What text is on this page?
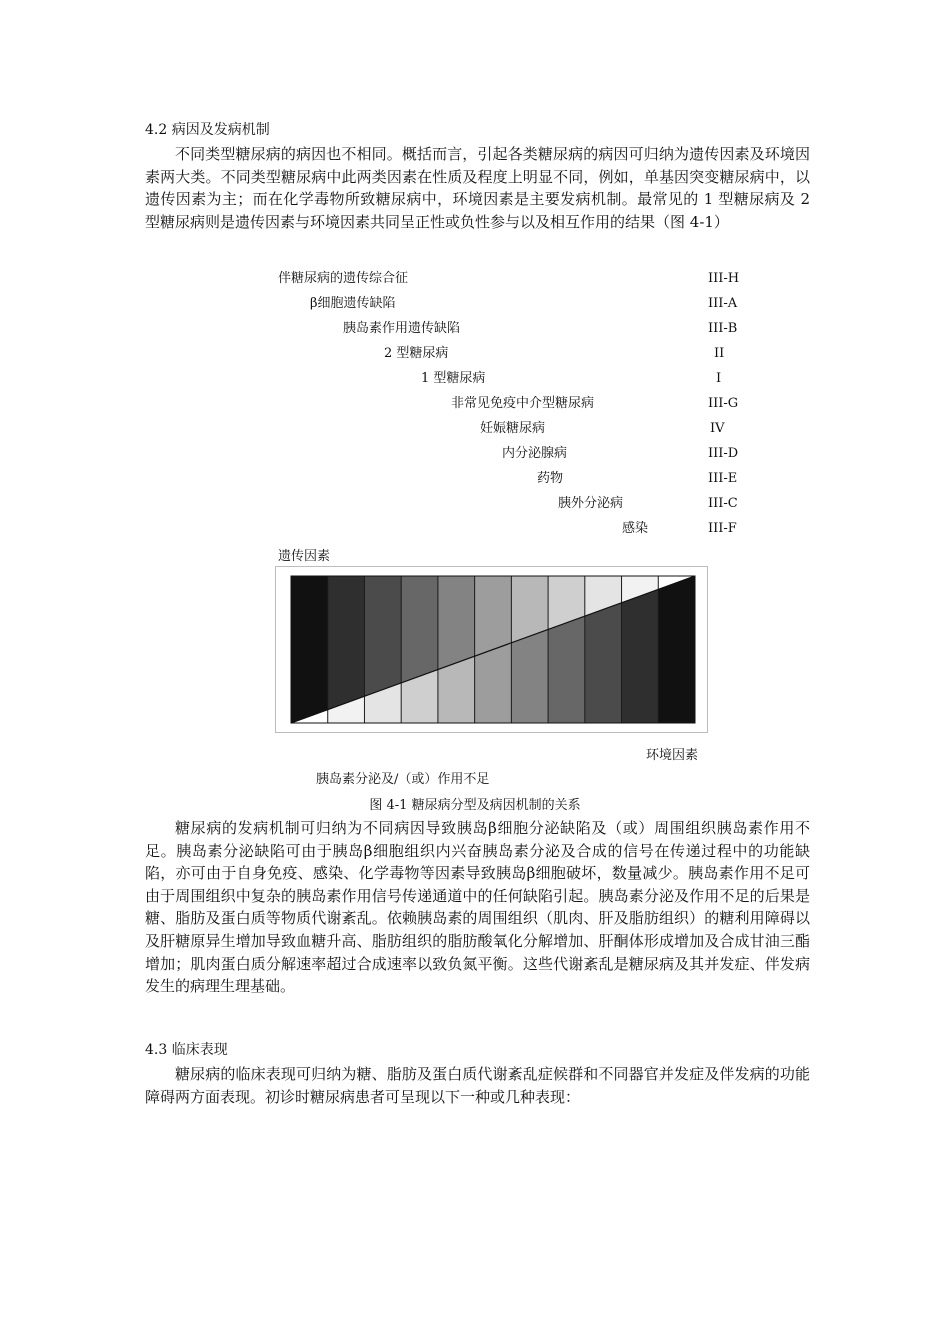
4.2 病因及发病机制

不同类型糖尿病的病因也不相同。概括而言，引起各类糖尿病的病因可归纳为遗传因素及环境因素两大类。不同类型糖尿病中此两类因素在性质及程度上明显不同，例如，单基因突变糖尿病中，以遗传因素为主；而在化学毒物所致糖尿病中，环境因素是主要发病机制。最常见的 1 型糖尿病及 2 型糖尿病则是遗传因素与环境因素共同呈正性或负性参与以及相互作用的结果（图 4-1）

伴糖尿病的遗传综合征	III-H
β细胞遗传缺陷	III-A
胰岛素作用遗传缺陷	III-B
2 型糖尿病	II
1 型糖尿病	I
非常见免疫中介型糖尿病	III-G
妊娠糖尿病	IV
内分泌腺病	III-D
药物	III-E
胰外分泌病	III-C
感染	III-F
遗传因素
环境因素
胰岛素分泌及/（或）作用不足
图 4-1 糖尿病分型及病因机制的关系

糖尿病的发病机制可归纳为不同病因导致胰岛β细胞分泌缺陷及（或）周围组织胰岛素作用不足。胰岛素分泌缺陷可由于胰岛β细胞组织内兴奋胰岛素分泌及合成的信号在传递过程中的功能缺陷，亦可由于自身免疫、感染、化学毒物等因素导致胰岛β细胞破坏，数量减少。胰岛素作用不足可由于周围组织中复杂的胰岛素作用信号传递通道中的任何缺陷引起。胰岛素分泌及作用不足的后果是糖、脂肪及蛋白质等物质代谢紊乱。依赖胰岛素的周围组织（肌肉、肝及脂肪组织）的糖利用障碍以及肝糖原异生增加导致血糖升高、脂肪组织的脂肪酸氧化分解增加、肝酮体形成增加及合成甘油三酯增加；肌肉蛋白质分解速率超过合成速率以致负氮平衡。这些代谢紊乱是糖尿病及其并发症、伴发病发生的病理生理基础。

4.3 临床表现

糖尿病的临床表现可归纳为糖、脂肪及蛋白质代谢紊乱症候群和不同器官并发症及伴发病的功能障碍两方面表现。初诊时糖尿病患者可呈现以下一种或几种表现：
